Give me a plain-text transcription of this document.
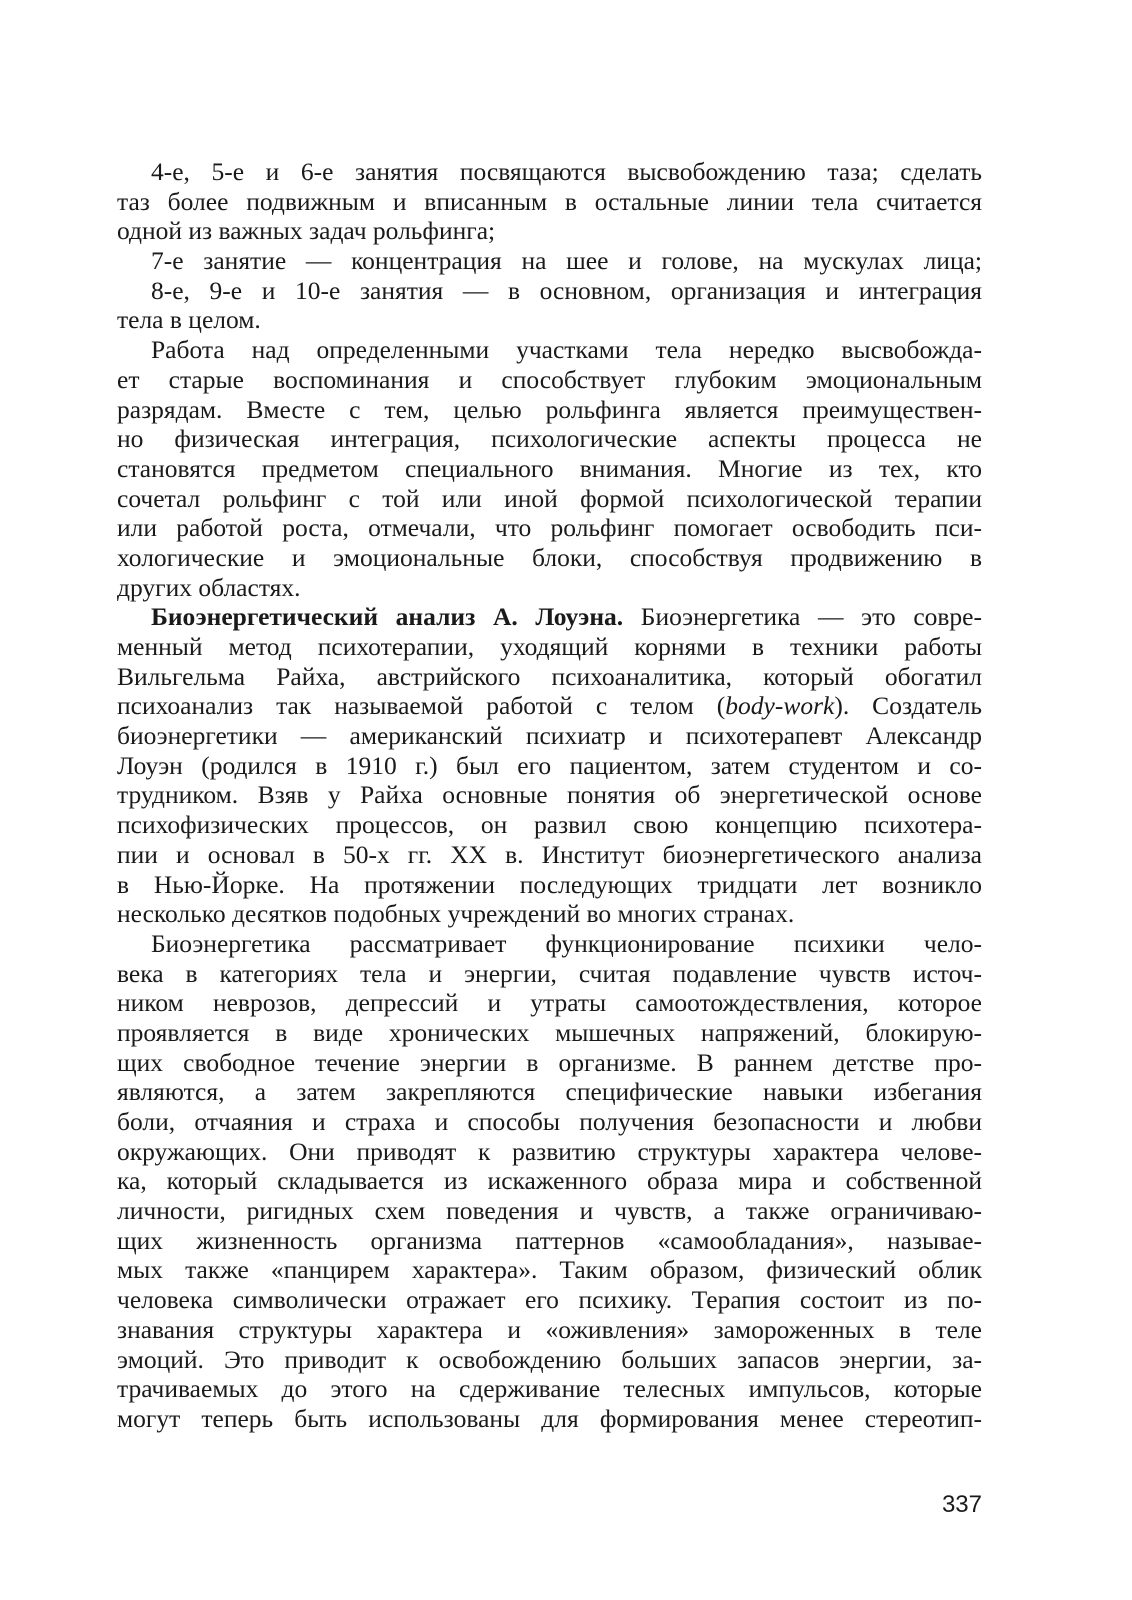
4-е, 5-е и 6-е занятия посвящаются высвобождению таза; сделать
таз более подвижным и вписанным в остальные линии тела считается
одной из важных задач рольфинга;
7-е занятие — концентрация на шее и голове, на мускулах лица;
8-е, 9-е и 10-е занятия — в основном, организация и интеграция
тела в целом.
Работа над определенными участками тела нередко высвобожда-
ет старые воспоминания и способствует глубоким эмоциональным
разрядам. Вместе с тем, целью рольфинга является преимуществен-
но физическая интеграция, психологические аспекты процесса не
становятся предметом специального внимания. Многие из тех, кто
сочетал рольфинг с той или иной формой психологической терапии
или работой роста, отмечали, что рольфинг помогает освободить пси-
хологические и эмоциональные блоки, способствуя продвижению в
других областях.
Биоэнергетический анализ А. Лоуэна. Биоэнергетика — это совре-
менный метод психотерапии, уходящий корнями в техники работы
Вильгельма Райха, австрийского психоаналитика, который обогатил
психоанализ так называемой работой с телом (body-work). Создатель
биоэнергетики — американский психиатр и психотерапевт Александр
Лоуэн (родился в 1910 г.) был его пациентом, затем студентом и со-
трудником. Взяв у Райха основные понятия об энергетической основе
психофизических процессов, он развил свою концепцию психотера-
пии и основал в 50-х гг. XX в. Институт биоэнергетического анализа
в Нью-Йорке. На протяжении последующих тридцати лет возникло
несколько десятков подобных учреждений во многих странах.
Биоэнергетика рассматривает функционирование психики чело-
века в категориях тела и энергии, считая подавление чувств источ-
ником неврозов, депрессий и утраты самоотождествления, которое
проявляется в виде хронических мышечных напряжений, блокирую-
щих свободное течение энергии в организме. В раннем детстве про-
являются, а затем закрепляются специфические навыки избегания
боли, отчаяния и страха и способы получения безопасности и любви
окружающих. Они приводят к развитию структуры характера челове-
ка, который складывается из искаженного образа мира и собственной
личности, ригидных схем поведения и чувств, а также ограничиваю-
щих жизненность организма паттернов «самообладания», называе-
мых также «панцирем характера». Таким образом, физический облик
человека символически отражает его психику. Терапия состоит из по-
знавания структуры характера и «оживления» замороженных в теле
эмоций. Это приводит к освобождению больших запасов энергии, за-
трачиваемых до этого на сдерживание телесных импульсов, которые
могут теперь быть использованы для формирования менее стереотип-
337
